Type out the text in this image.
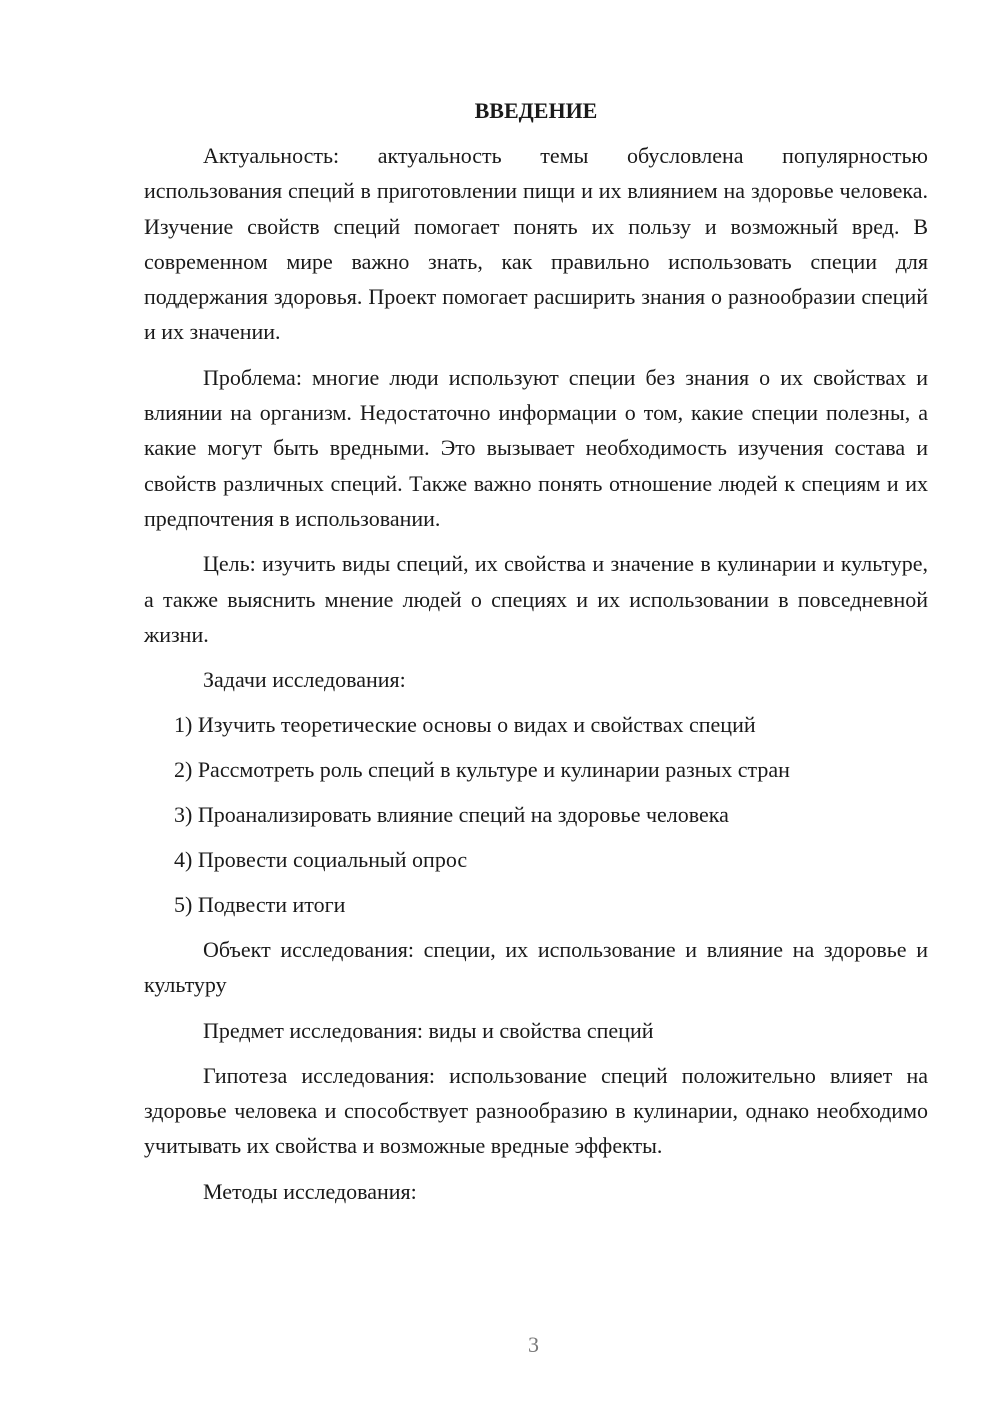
ВВЕДЕНИЕ

Актуальность: актуальность темы обусловлена популярностью использования специй в приготовлении пищи и их влиянием на здоровье человека. Изучение свойств специй помогает понять их пользу и возможный вред. В современном мире важно знать, как правильно использовать специи для поддержания здоровья. Проект помогает расширить знания о разнообразии специй и их значении.

Проблема: многие люди используют специи без знания о их свойствах и влиянии на организм. Недостаточно информации о том, какие специи полезны, а какие могут быть вредными. Это вызывает необходимость изучения состава и свойств различных специй. Также важно понять отношение людей к специям и их предпочтения в использовании.

Цель: изучить виды специй, их свойства и значение в кулинарии и культуре, а также выяснить мнение людей о специях и их использовании в повседневной жизни.

Задачи исследования:

1) Изучить теоретические основы о видах и свойствах специй
2) Рассмотреть роль специй в культуре и кулинарии разных стран
3) Проанализировать влияние специй на здоровье человека
4) Провести социальный опрос
5) Подвести итоги

Объект исследования: специи, их использование и влияние на здоровье и культуру

Предмет исследования: виды и свойства специй

Гипотеза исследования: использование специй положительно влияет на здоровье человека и способствует разнообразию в кулинарии, однако необходимо учитывать их свойства и возможные вредные эффекты.

Методы исследования:

3
